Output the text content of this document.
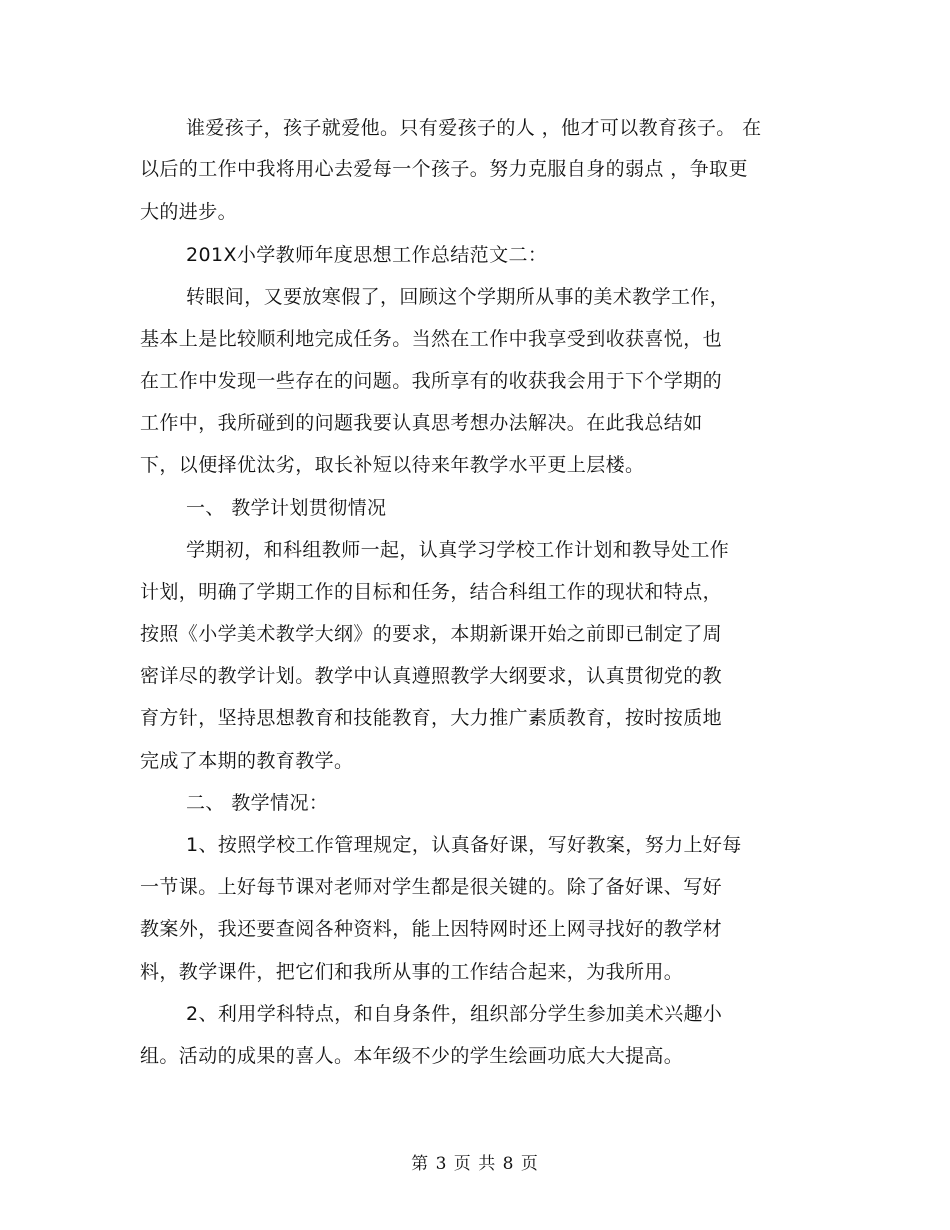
谁爱孩子，孩子就爱他。只有爱孩子的人 ，他才可以教育孩子。 在
以后的工作中我将用心去爱每一个孩子。努力克服自身的弱点 ，争取更
大的进步。
201X小学教师年度思想工作总结范文二：
转眼间，又要放寒假了，回顾这个学期所从事的美术教学工作，
基本上是比较顺利地完成任务。当然在工作中我享受到收获喜悦，也
在工作中发现一些存在的问题。我所享有的收获我会用于下个学期的
工作中，我所碰到的问题我要认真思考想办法解决。在此我总结如
下，以便择优汰劣，取长补短以待来年教学水平更上层楼。
一、 教学计划贯彻情况
学期初，和科组教师一起，认真学习学校工作计划和教导处工作
计划，明确了学期工作的目标和任务，结合科组工作的现状和特点，
按照《小学美术教学大纲》的要求，本期新课开始之前即已制定了周
密详尽的教学计划。教学中认真遵照教学大纲要求，认真贯彻党的教
育方针，坚持思想教育和技能教育，大力推广素质教育，按时按质地
完成了本期的教育教学。
二、 教学情况：
1、按照学校工作管理规定，认真备好课，写好教案，努力上好每
一节课。上好每节课对老师对学生都是很关键的。除了备好课、写好
教案外，我还要查阅各种资料，能上因特网时还上网寻找好的教学材
料，教学课件，把它们和我所从事的工作结合起来，为我所用。
2、利用学科特点，和自身条件，组织部分学生参加美术兴趣小
组。活动的成果的喜人。本年级不少的学生绘画功底大大提高。
第 3 页 共 8 页
